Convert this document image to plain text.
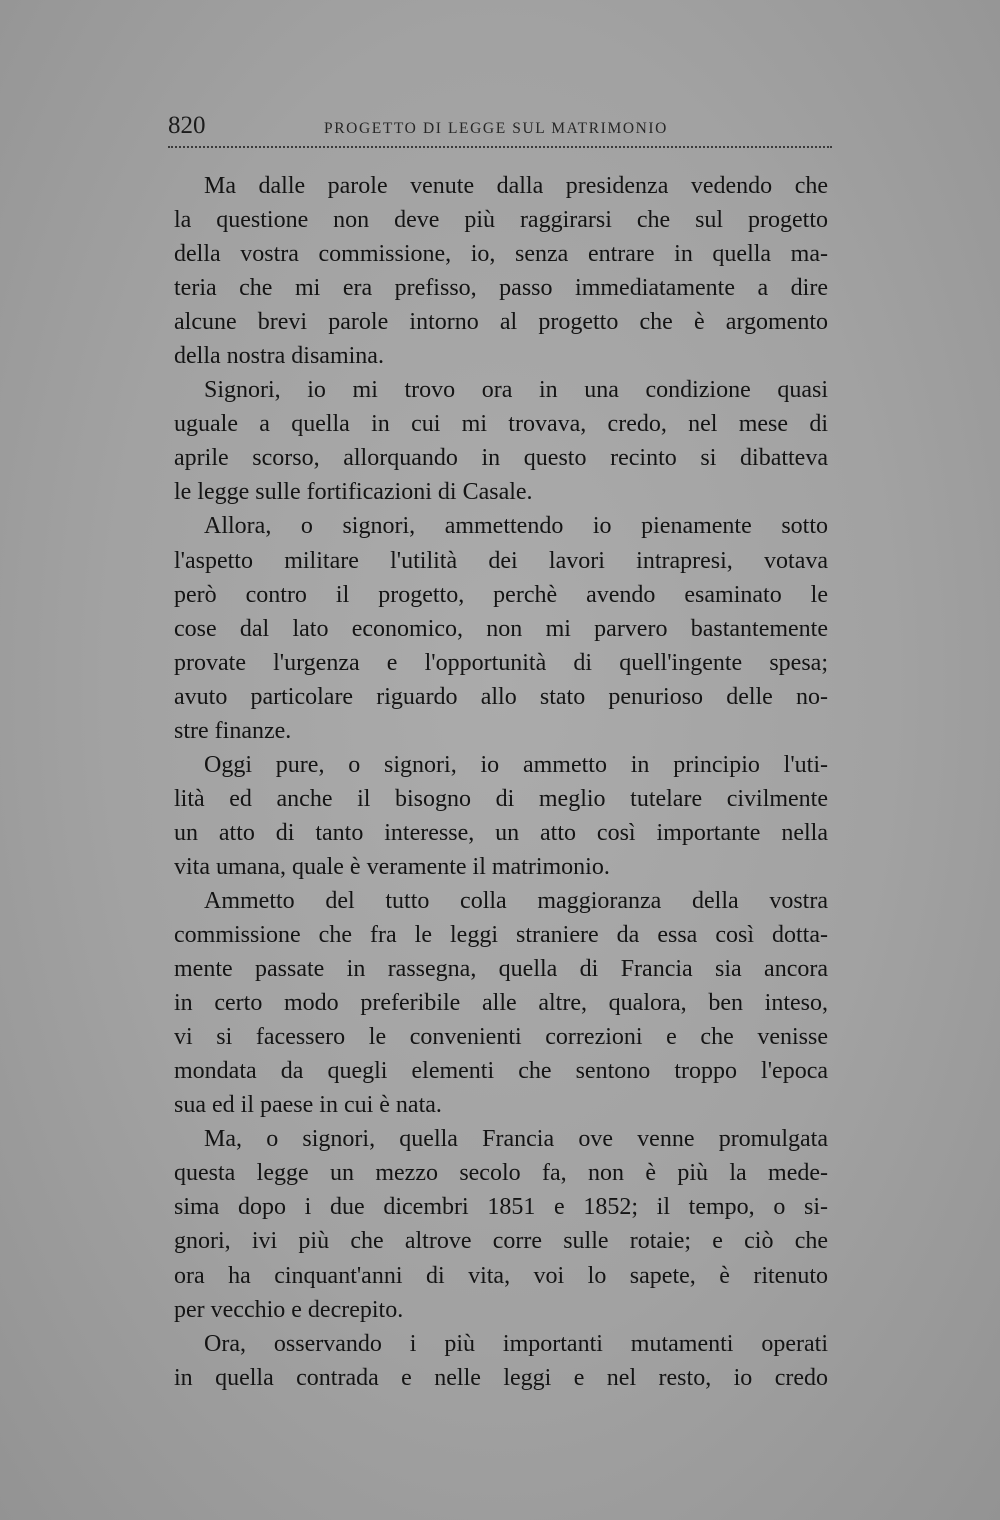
820	PROGETTO DI LEGGE SUL MATRIMONIO
Ma dalle parole venute dalla presidenza vedendo che
la questione non deve più raggirarsi che sul progetto
della vostra commissione, io, senza entrare in quella ma-
teria che mi era prefisso, passo immediatamente a dire
alcune brevi parole intorno al progetto che è argomento
della nostra disamina.
Signori, io mi trovo ora in una condizione quasi
uguale a quella in cui mi trovava, credo, nel mese di
aprile scorso, allorquando in questo recinto si dibatteva
le legge sulle fortificazioni di Casale.
Allora, o signori, ammettendo io pienamente sotto
l'aspetto militare l'utilità dei lavori intrapresi, votava
però contro il progetto, perchè avendo esaminato le
cose dal lato economico, non mi parvero bastantemente
provate l'urgenza e l'opportunità di quell'ingente spesa;
avuto particolare riguardo allo stato penurioso delle no-
stre finanze.
Oggi pure, o signori, io ammetto in principio l'uti-
lità ed anche il bisogno di meglio tutelare civilmente
un atto di tanto interesse, un atto così importante nella
vita umana, quale è veramente il matrimonio.
Ammetto del tutto colla maggioranza della vostra
commissione che fra le leggi straniere da essa così dotta-
mente passate in rassegna, quella di Francia sia ancora
in certo modo preferibile alle altre, qualora, ben inteso,
vi si facessero le convenienti correzioni e che venisse
mondata da quegli elementi che sentono troppo l'epoca
sua ed il paese in cui è nata.
Ma, o signori, quella Francia ove venne promulgata
questa legge un mezzo secolo fa, non è più la mede-
sima dopo i due dicembri 1851 e 1852; il tempo, o si-
gnori, ivi più che altrove corre sulle rotaie; e ciò che
ora ha cinquant'anni di vita, voi lo sapete, è ritenuto
per vecchio e decrepito.
Ora, osservando i più importanti mutamenti operati
in quella contrada e nelle leggi e nel resto, io credo
